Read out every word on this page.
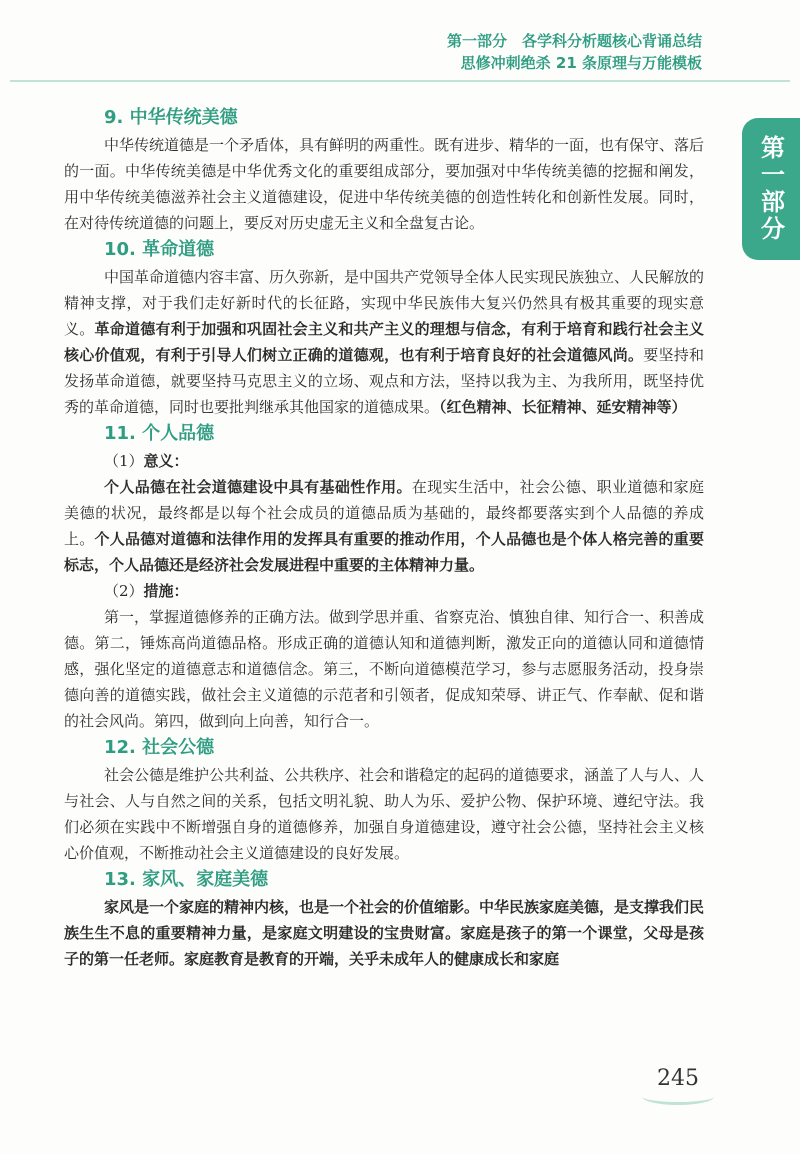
第一部分　各学科分析题核心背诵总结
思修冲刺绝杀 21 条原理与万能模板
第一部分
9. 中华传统美德

中华传统道德是一个矛盾体，具有鲜明的两重性。既有进步、精华的一面，也有保守、落后的一面。中华传统美德是中华优秀文化的重要组成部分，要加强对中华传统美德的挖掘和阐发，用中华传统美德滋养社会主义道德建设，促进中华传统美德的创造性转化和创新性发展。同时，在对待传统道德的问题上，要反对历史虚无主义和全盘复古论。

10. 革命道德

中国革命道德内容丰富、历久弥新，是中国共产党领导全体人民实现民族独立、人民解放的精神支撑，对于我们走好新时代的长征路，实现中华民族伟大复兴仍然具有极其重要的现实意义。革命道德有利于加强和巩固社会主义和共产主义的理想与信念，有利于培育和践行社会主义核心价值观，有利于引导人们树立正确的道德观，也有利于培育良好的社会道德风尚。要坚持和发扬革命道德，就要坚持马克思主义的立场、观点和方法，坚持以我为主、为我所用，既坚持优秀的革命道德，同时也要批判继承其他国家的道德成果。（红色精神、长征精神、延安精神等）

11. 个人品德
（1）意义：

个人品德在社会道德建设中具有基础性作用。在现实生活中，社会公德、职业道德和家庭美德的状况，最终都是以每个社会成员的道德品质为基础的，最终都要落实到个人品德的养成上。个人品德对道德和法律作用的发挥具有重要的推动作用，个人品德也是个体人格完善的重要标志，个人品德还是经济社会发展进程中重要的主体精神力量。

（2）措施：

第一，掌握道德修养的正确方法。做到学思并重、省察克治、慎独自律、知行合一、积善成德。第二，锤炼高尚道德品格。形成正确的道德认知和道德判断，激发正向的道德认同和道德情感，强化坚定的道德意志和道德信念。第三，不断向道德模范学习，参与志愿服务活动，投身崇德向善的道德实践，做社会主义道德的示范者和引领者，促成知荣辱、讲正气、作奉献、促和谐的社会风尚。第四，做到向上向善，知行合一。

12. 社会公德

社会公德是维护公共利益、公共秩序、社会和谐稳定的起码的道德要求，涵盖了人与人、人与社会、人与自然之间的关系，包括文明礼貌、助人为乐、爱护公物、保护环境、遵纪守法。我们必须在实践中不断增强自身的道德修养，加强自身道德建设，遵守社会公德，坚持社会主义核心价值观，不断推动社会主义道德建设的良好发展。

13. 家风、家庭美德

家风是一个家庭的精神内核，也是一个社会的价值缩影。中华民族家庭美德，是支撑我们民族生生不息的重要精神力量，是家庭文明建设的宝贵财富。家庭是孩子的第一个课堂，父母是孩子的第一任老师。家庭教育是教育的开端，关乎未成年人的健康成长和家庭

245
